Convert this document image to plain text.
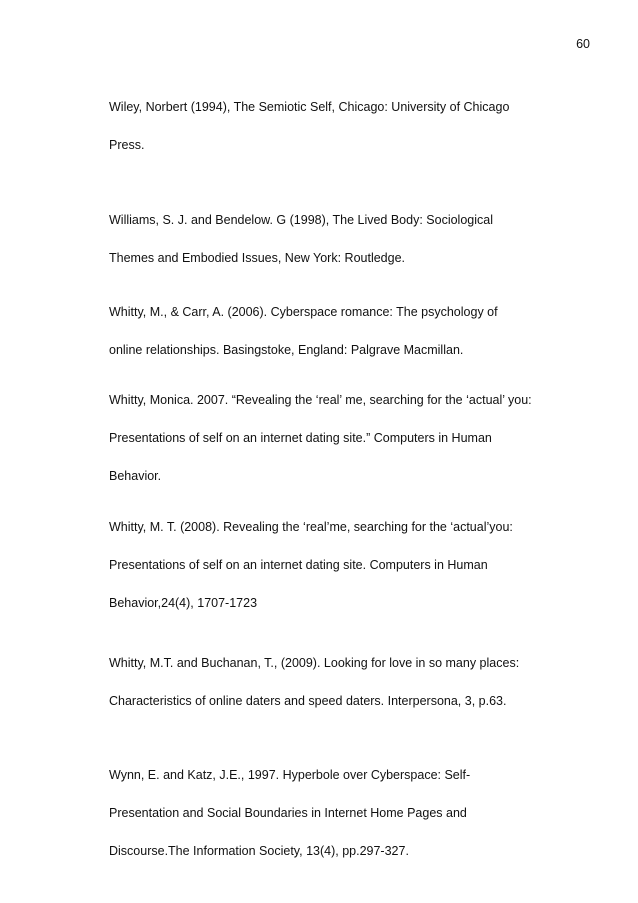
60
Wiley, Norbert (1994), The Semiotic Self, Chicago: University of Chicago
Press.
Williams, S. J. and Bendelow. G (1998), The Lived Body: Sociological
Themes and Embodied Issues, New York: Routledge.
Whitty, M., & Carr, A. (2006). Cyberspace romance: The psychology of
online relationships. Basingstoke, England: Palgrave Macmillan.
Whitty, Monica. 2007. “Revealing the ‘real’ me, searching for the ‘actual’ you:
Presentations of self on an internet dating site.” Computers in Human
Behavior.
Whitty, M. T. (2008). Revealing the ‘real’me, searching for the ‘actual’you:
Presentations of self on an internet dating site. Computers in Human
Behavior,24(4), 1707-1723
Whitty, M.T. and Buchanan, T., (2009). Looking for love in so many places:
Characteristics of online daters and speed daters. Interpersona, 3, p.63.
Wynn, E. and Katz, J.E., 1997. Hyperbole over Cyberspace: Self-
Presentation and Social Boundaries in Internet Home Pages and
Discourse.The Information Society, 13(4), pp.297-327.
